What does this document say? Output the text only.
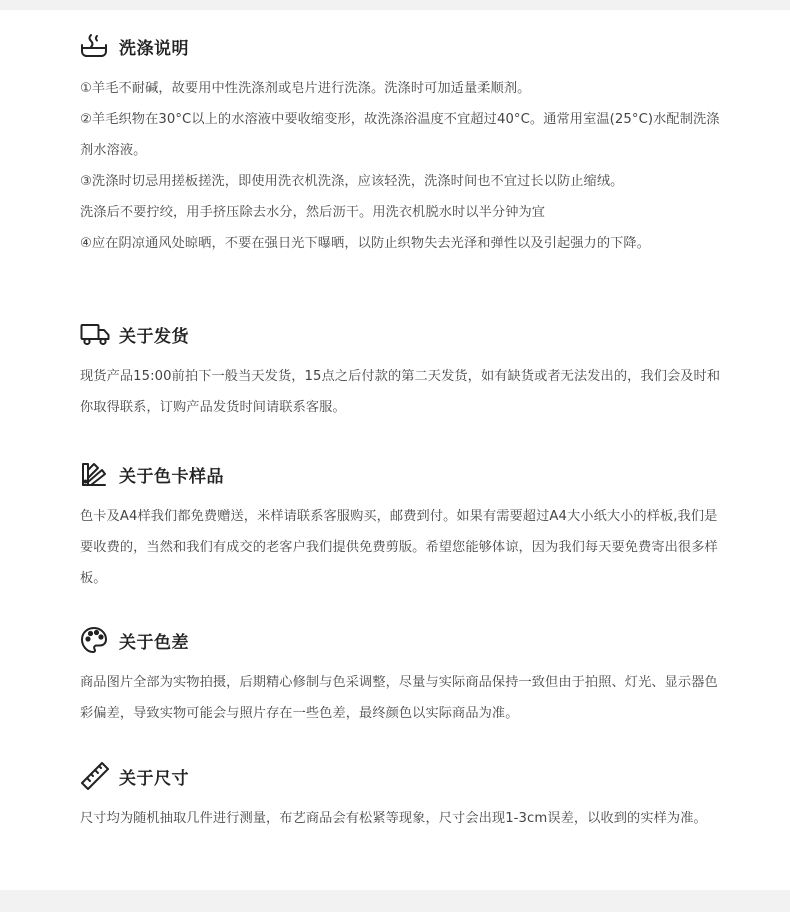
洗涤说明
①羊毛不耐碱，故要用中性洗涤剂或皂片进行洗涤。洗涤时可加适量柔顺剂。
②羊毛织物在30°C以上的水溶液中要收缩变形，故洗涤浴温度不宜超过40°C。通常用室温(25°C)水配制洗涤剂水溶液。
③洗涤时切忌用搓板搓洗，即使用洗衣机洗涤，应该轻洗，洗涤时间也不宜过长以防止缩绒。
洗涤后不要拧绞，用手挤压除去水分，然后沥干。用洗衣机脱水时以半分钟为宜
④应在阴凉通风处晾晒，不要在强日光下曝晒，以防止织物失去光泽和弹性以及引起强力的下降。
关于发货
现货产品15:00前拍下一般当天发货，15点之后付款的第二天发货，如有缺货或者无法发出的，我们会及时和你取得联系，订购产品发货时间请联系客服。
关于色卡样品
色卡及A4样我们都免费赠送，米样请联系客服购买，邮费到付。如果有需要超过A4大小纸大小的样板,我们是要收费的，当然和我们有成交的老客户我们提供免费剪版。希望您能够体谅，因为我们每天要免费寄出很多样板。
关于色差
商品图片全部为实物拍摄，后期精心修制与色采调整，尽量与实际商品保持一致但由于拍照、灯光、显示器色彩偏差，导致实物可能会与照片存在一些色差，最终颜色以实际商品为准。
关于尺寸
尺寸均为随机抽取几件进行测量，布艺商品会有松紧等现象，尺寸会出现1-3cm误差，以收到的实样为准。
